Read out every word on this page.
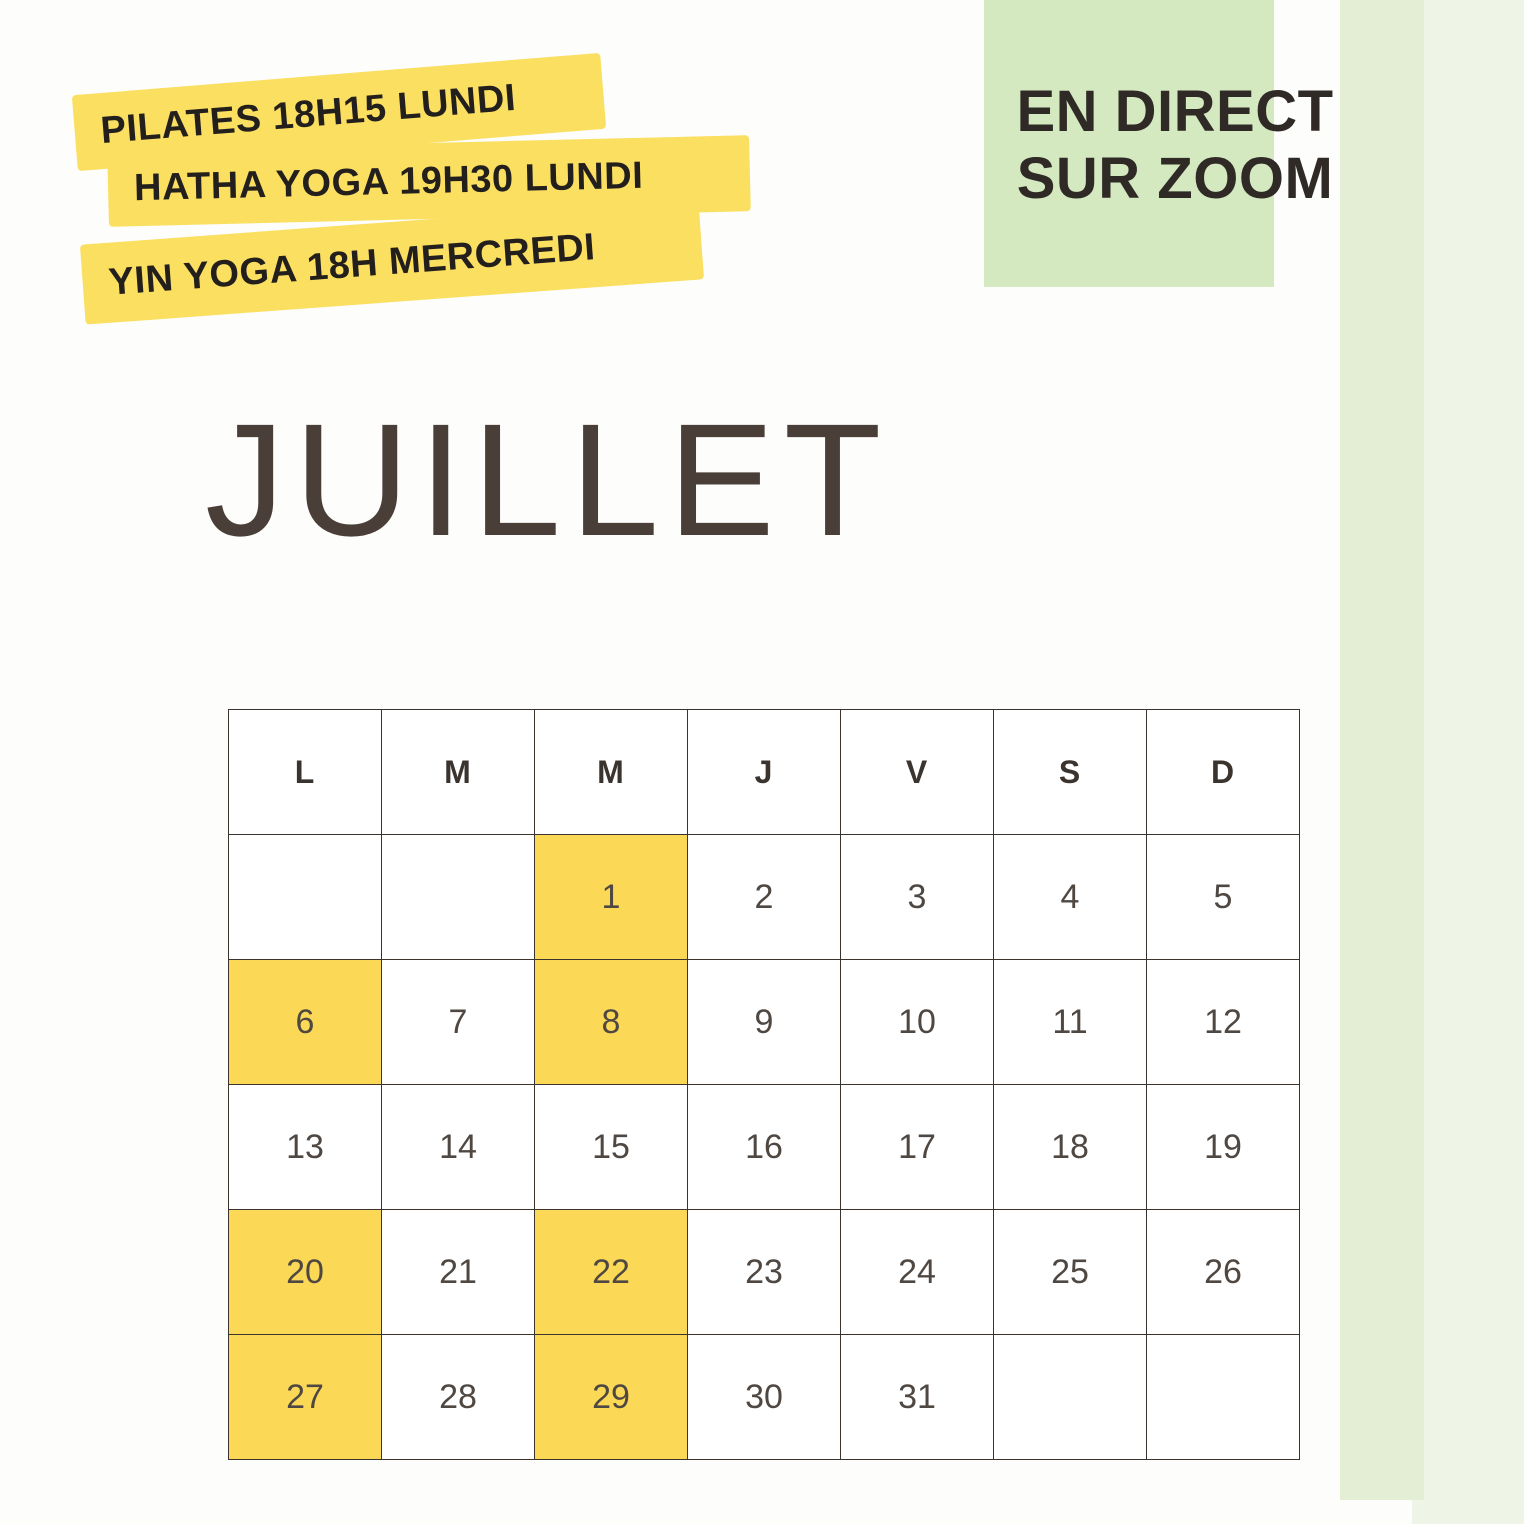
EN DIRECT
SUR ZOOM
PILATES 18H15 LUNDI
HATHA YOGA 19H30 LUNDI
YIN YOGA 18H MERCREDI
JUILLET
L	M	M	J	V	S	D
		1	2	3	4	5
6	7	8	9	10	11	12
13	14	15	16	17	18	19
20	21	22	23	24	25	26
27	28	29	30	31		
